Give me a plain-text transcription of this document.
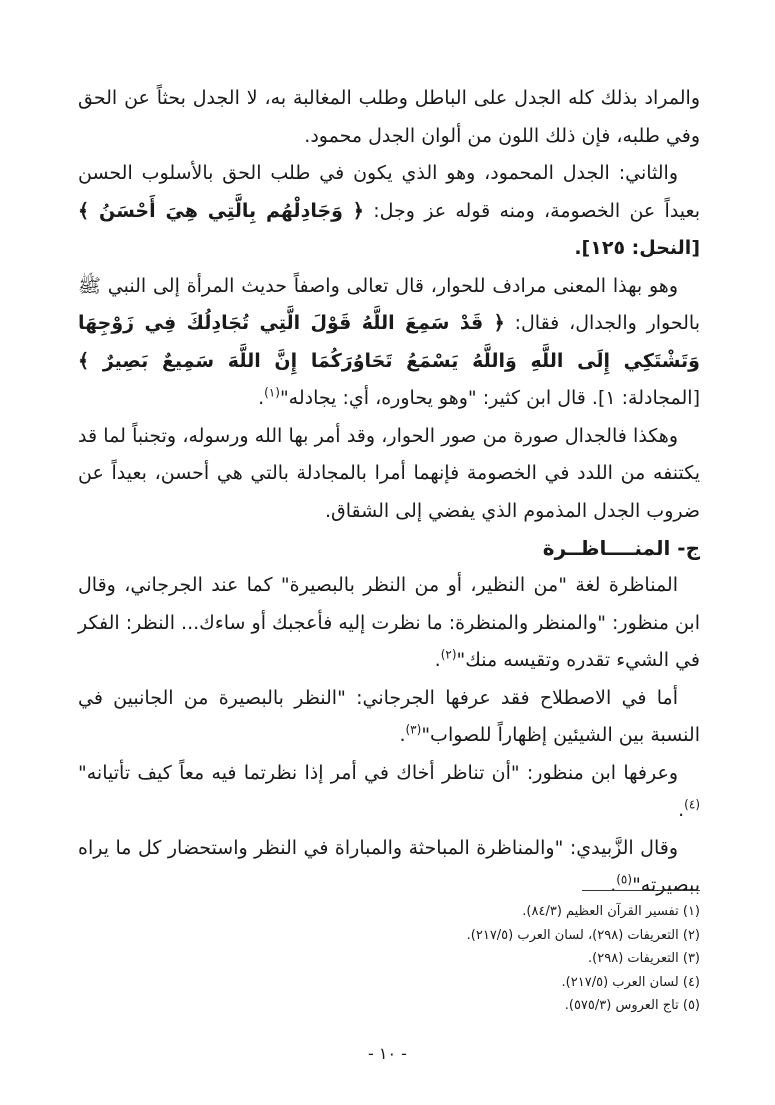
والمراد بذلك كله الجدل على الباطل وطلب المغالبة به، لا الجدل بحثاً عن الحق وفي طلبه، فإن ذلك اللون من ألوان الجدل محمود.

والثاني: الجدل المحمود، وهو الذي يكون في طلب الحق بالأسلوب الحسن بعيداً عن الخصومة، ومنه قوله عز وجل: ﴿ وَجَادِلْهُم بِالَّتِي هِيَ أَحْسَنُ ﴾ [النحل: ١٢٥].

وهو بهذا المعنى مرادف للحوار، قال تعالى واصفاً حديث المرأة إلى النبي ﷺ بالحوار والجدال، فقال: ﴿ قَدْ سَمِعَ اللَّهُ قَوْلَ الَّتِي تُجَادِلُكَ فِي زَوْجِهَا وَتَشْتَكِي إِلَى اللَّهِ وَاللَّهُ يَسْمَعُ تَحَاوُرَكُمَا إِنَّ اللَّهَ سَمِيعٌ بَصِيرٌ ﴾ [المجادلة: ١]. قال ابن كثير: "وهو يحاوره، أي: يجادله"$^{(١)}$.

وهكذا فالجدال صورة من صور الحوار، وقد أمر بها الله ورسوله، وتجنباً لما قد يكتنفه من اللدد في الخصومة فإنهما أمرا بالمجادلة بالتي هي أحسن، بعيداً عن ضروب الجدل المذموم الذي يفضي إلى الشقاق.

ج- المنــــاظــرة

المناظرة لغة "من النظير، أو من النظر بالبصيرة" كما عند الجرجاني، وقال ابن منظور: "والمنظر والمنظرة: ما نظرت إليه فأعجبك أو ساءك... النظر: الفكر في الشيء تقدره وتقيسه منك"$^{(٢)}$.

أما في الاصطلاح فقد عرفها الجرجاني: "النظر بالبصيرة من الجانبين في النسبة بين الشيئين إظهاراً للصواب"$^{(٣)}$.

وعرفها ابن منظور: "أن تناظر أخاك في أمر إذا نظرتما فيه معاً كيف تأتيانه"$^{(٤)}$.

وقال الزَّبيدي: "والمناظرة المباحثة والمباراة في النظر واستحضار كل ما يراه ببصيرته"$^{(٥)}$.

(١) تفسير القرآن العظيم (٨٤/٣).

(٢) التعريفات (٢٩٨)، لسان العرب (٢١٧/٥).

(٣) التعريفات (٢٩٨).

(٤) لسان العرب (٢١٧/٥).

(٥) تاج العروس (٥٧٥/٣).

- ١٠ -
